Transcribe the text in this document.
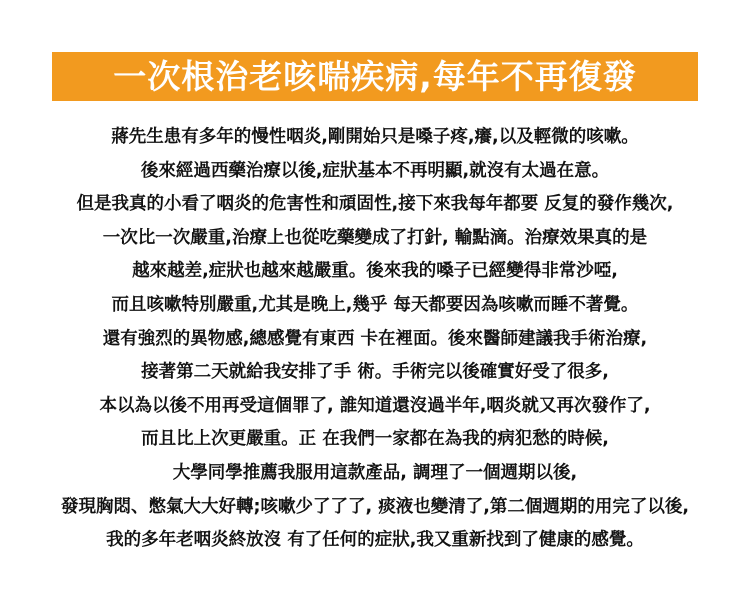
一次根治老咳喘疾病,每年不再復發
蔣先生患有多年的慢性咽炎,剛開始只是嗓子疼,癢,以及輕微的咳嗽。
後來經過西藥治療以後,症狀基本不再明顯,就沒有太過在意。
但是我真的小看了咽炎的危害性和頑固性,接下來我每年都要 反复的發作幾次,
一次比一次嚴重,治療上也從吃藥變成了打針, 輸點滴。治療效果真的是
越來越差,症狀也越來越嚴重。後來我的嗓子已經變得非常沙啞,
而且咳嗽特別嚴重,尤其是晚上,幾乎 每天都要因為咳嗽而睡不著覺。
還有強烈的異物感,總感覺有東西 卡在裡面。後來醫師建議我手術治療,
接著第二天就給我安排了手 術。手術完以後確實好受了很多,
本以為以後不用再受這個罪了, 誰知道還沒過半年,咽炎就又再次發作了,
而且比上次更嚴重。正 在我們一家都在為我的病犯愁的時候,
大學同學推薦我服用這款產品, 調理了一個週期以後,
發現胸悶、憋氣大大好轉;咳嗽少了了了, 痰液也變清了,第二個週期的用完了以後,
我的多年老咽炎終放沒 有了任何的症狀,我又重新找到了健康的感覺。
